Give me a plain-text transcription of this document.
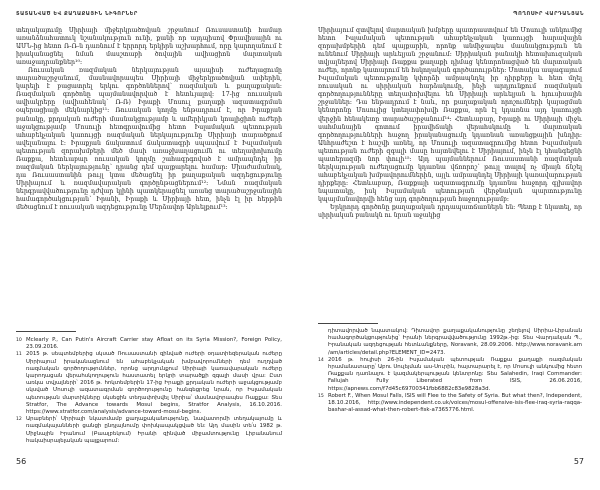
ՏԱՏԱՆՎԱԾ ԵՎ ՔԱՂԱՔԱՅԻՆ ՆԻԳՈՐՆԵՐ
տեղակայումը Սիրիայի միջերկրածովյան շրջանում Ռուսաստանի համար առանձնահատուկ նշանակություն ունի, քանի որ այդպիսով Փրավիսային ու ԱՄՆ-ից հետո Ռ-Ռ-ն դառնում է երրորդ երկիրն աշխարհում, որը կարողանում է իրականացնել նման մասշտաբի ծովային ավիացիոն մարտական առաջադրանքներ¹⁰:
Ռուսական ռազմական ներկայության այսպիսի ուժեղացումը տարածաշրջանում, մասնավորապես Սիրիայի միջերկրածովյան ափերին, կարելի է բացատրել երկու գործոններով՝ ռազմական և քաղաքական: Ռազմական գործոնը պայմանավորված է հետևյալով: 17-ից ռուսական ավիակրերը (ավիահենակ՝ Ռ-Ռ) Իրաքի Մոսուլ քաղաքի ազատագրման օպերացիայի մեկնարկից¹¹: Ռուսական կողմը ենթադրում է, որ Իրաքյան բանակը, քրդական ուժերի մասնակցությամբ և ամերիկյան կոալիցիոն ուժերի աջակցությամբ Մոսուլի հետգրավումից հետո Իսլամական պետության ահաբեկչական կառույցի ռազմական ներկայությունը Սիրիայի տարածքում ավելանալու է: Իրաքյան ճակատում ճակատագրի սպասվում է Իսլամական պետության զորախմբերի մեծ մասի առաջխաղացումն ու տեղափոխումը Ռաքքա, հետևաբար ռուսական կողմը շահագրգռված է ամրապնդել իր ռազմական ներկայությունը՝ դրանց դեմ պայքարելու համար: Միաժամանակ, դա Ռուսաստանին թույլ կտա մեծացնել իր քաղաքական ազդեցությունը Սիրիայում և ռազմավարական գործընթացներում¹²: Նման ռազմական ներգրավվածությունը դժվար կլինի պատկերացնել առանց տարածաշրջանային համագործակցության՝ Իրանի, Իրաքի և Սիրիայի հետ, ինչն էլ իր հերթին մեծացնում է ռուսական ազդեցությունը Մերձավոր Արևելքում¹³:
10 Mclearly P., Can Putin's Aircraft Carrier stay Afloat on its Syria Mission?, Foreign Policy, 23.09.2016.
11 2015 թ. սեպտեմբերից սկսած Ռուսաստանի զինված ուժերի օդատիեզերական ուժերը Սիրիայում իրականացնում են ահաբեկչական խմբավորումների դեմ ուղղված ռազմական գործողություններ, որոնց արդյունքում Սիրիայի կառավարական ուժերը կարողացան վերահսկողություն հաստատել երկրի տարածքի զգալի մասի վրա: Ըստ առկա տվյալների՝ 2016 թ. հոկտեմբերին 17-ից Իրաքի քրդական ուժերի աջակցությամբ սկսված Մոսուլի ազատագրման գործողությունը հանգեցրեց նրան, որ Իսլամական պետության մարտիկները սկսեցին տեղափոխվել Սիրիա՝ մասնավորապես Ռաքքա: Տես Stratfor, The Advance towards Mosul begins, Stratfor Analysis, 16.10.2016. https://www.stratfor.com/analysis/advance-toward-mosul-begins.
12 Արաբների՝ Սիրիայի նկատմամբ քաղաքականությունը, նավատորմի տեղակայումը և ռազմակայանների ցանցի ընդլայնումը փոխկապակցված են: Այդ մասին տե՛ս 1982 թ. Միջնային Իրանում (Բաալբեկում) Իրանի զինված միջամտությունը Լիբանանում հակաիսրայելական պայքարում:
56
ՊՈՂՈՍԻՐ ՎԱՐԴԱՆՅԱՆ
Սիրիայում զտվելով մարտական խմբերը պատրաստվում են Մոսուլի անկումից հետո Իսլամական պետության ահաբեկչական կառույցի հարավային զորախմբերին դեմ պայքարին, որոնք անմիջապես մասնակցություն են ունենում Սիրիայի արևելյան շրջանում: Սիրիական բանակի հետախուզական տվյալներով Սիրիայի Ռաքքա քաղաքի դիմաց կենտրոնացված են մարտական ուժեր, որոնք կատարում են հսկողական գործառույթներ: Մոտակա ապագայում Իսլամական պետությունը կփորձի ամրապնդել իր դիրքերը և հետ մղել ռուսական ու սիրիական հարձակումը, ինչի արդյունքում ռազմական գործողությունները տեղափոխվելու են Սիրիայի արևելյան և հյուսիսային շրջաններ: Դա ենթադրում է նաև, որ քաղաքական որոշումների կայացման կենտրոնը Մոսուլից կտեղափոխվի Ռաքքա, որն էլ կդառնա այդ կառույցի վերջին հենակետը տարածաշրջանում¹⁴: Հետևաբար, Իրաքի ու Սիրիայի միջև սահմանային գոտում իրավիճակի վերահսկումը և մարտական գործողությունների հաջող իրականացումը կդառնան առանցքային խնդիր: Անհրաժեշտ է հաշվի առնել, որ Մոսուլի ազատագրումից հետո Իսլամական պետության ուժերի զգալի մասը հայտնվելու է Սիրիայում, ինչն էլ կհանգեցնի պատերազմի նոր փուլի¹⁵: Այդ պայմաններում Ռուսաստանի ռազմական ներկայության ուժեղացումը կդառնա վճռորոշ՝ թույլ տալով ոչ միայն ճնշել ահաբեկչական խմբավորումներին, այլև ամրապնդել Սիրիայի կառավարության դիրքերը: Հետևաբար, Ռաքքայի ազատագրումը կդառնա հաջորդ գլխավոր նպատակը, իսկ Իսլամական պետության վերջնական պարտությունը կպայմանավորվի հենց այդ գործողության հաջողությամբ:
Երկրորդ գործոնը քաղաքական դրդապատճառներն են: Պետք է նկատել, որ սիրիական բանակն ու նրան աջակից
դիտավորված նպատակով: Դիտավոր քաղաքականությունը շեղելով Սիրիա-Լիբանան համագործակցությունից՝ Իրանի ներգրավվածությունը 1992թ.-ից: Տես Վարդանյան Պ., Իրանական ազդեցության հետևանքները, Noravank, 28.09.2006. http://www.noravank.am /am/articles/detail.php?ELEMENT_ID=2473.
14 2016 թ. հուլիսի 26-ին Իսլամական պետության Ռաքքա քաղաքի ռազմական հրամանատարը՝ Աբու Սուլեյման աս-Սուրին, հայտարարել է, որ Մոսուլի անկումից հետո Ռաքքան դառնալու է կազմակերպության կենտրոնը: Տես Salahedin, Iraqi Commander: Fallujah Fully Liberated from ISIS, 26.06.2016, https://apnews.com/f7d45c69700341fbb6882c83e9828a3d.
15 Robert F., When Mosul Falls, ISIS will Flee to the Safety of Syria. But what then?, Independent, 18.10.2016, http://www.independent.co.uk/voices/mosul-offensive-isis-flee-iraq-syria-raqqa-bashar-al-assad-what-then-robert-fisk-a7365776.html.
57
